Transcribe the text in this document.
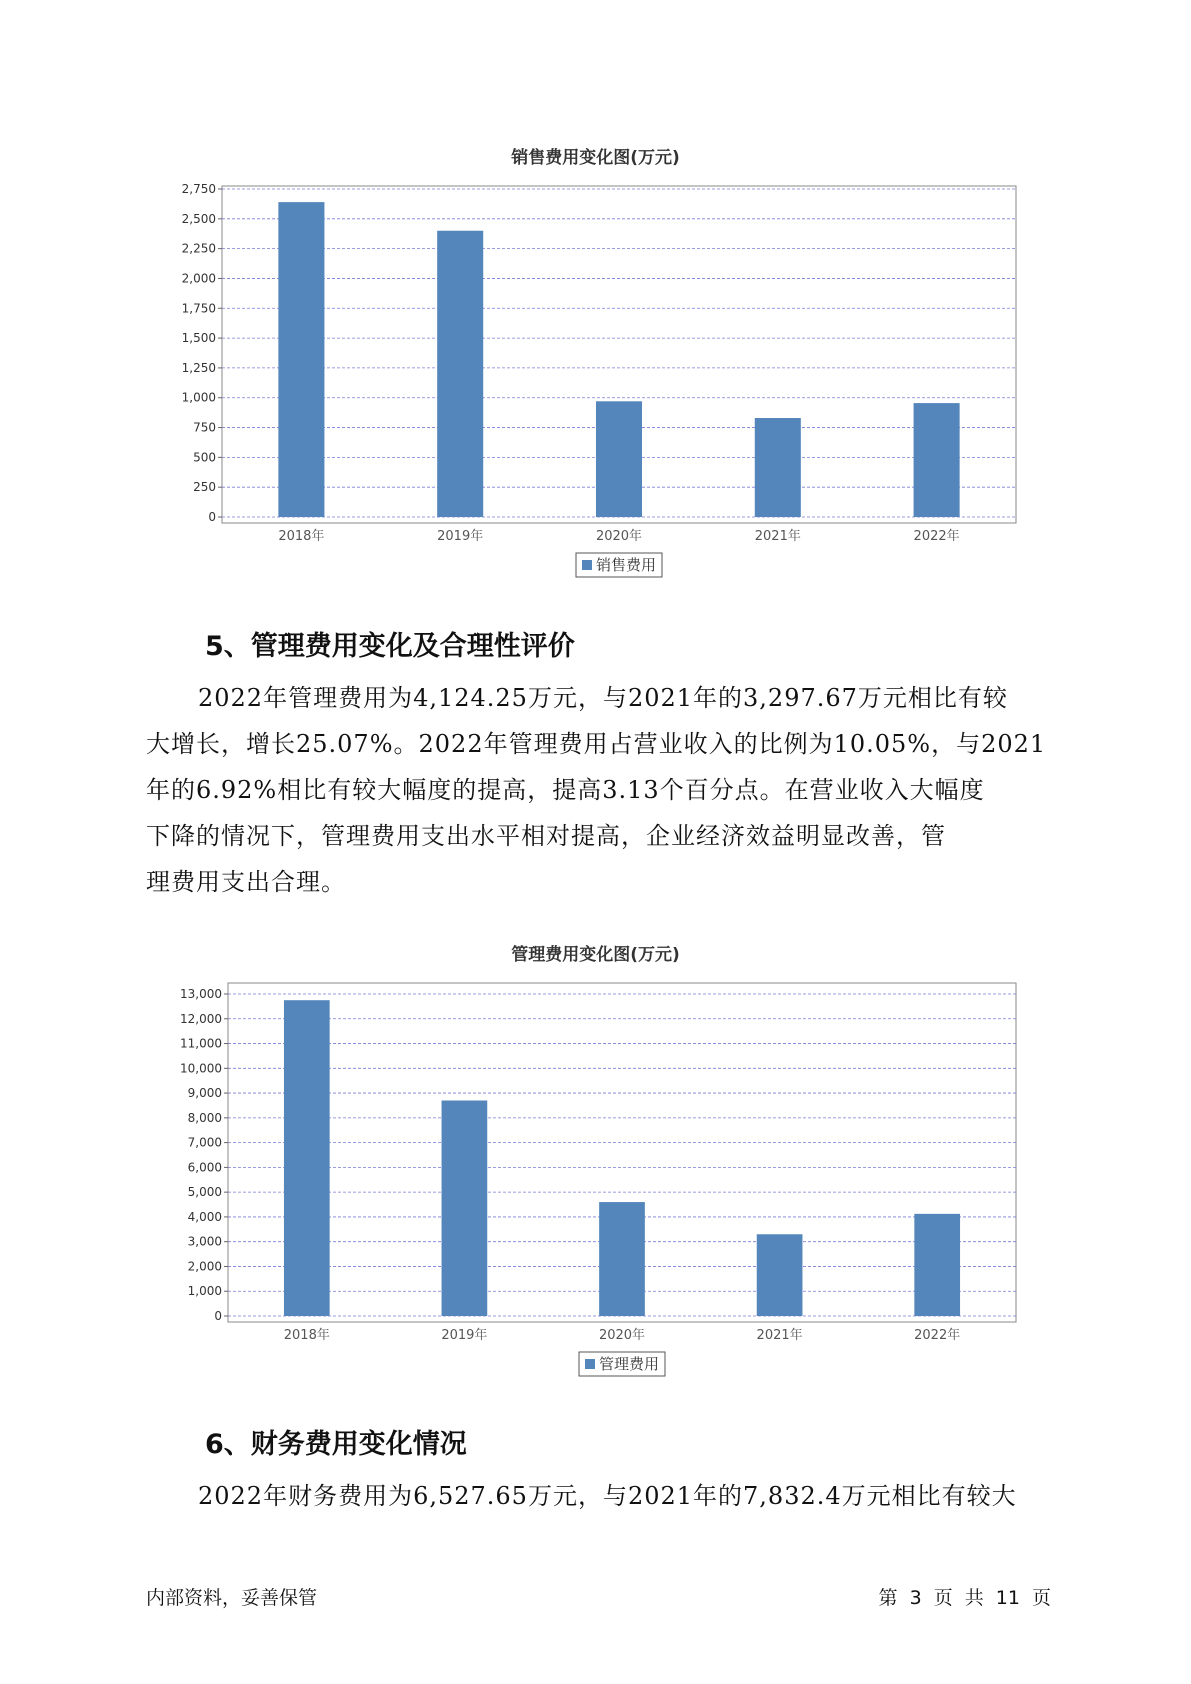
销售费用变化图(万元)
0
250
500
750
1,000
1,250
1,500
1,750
2,000
2,250
2,500
2,750
2018年	2019年	2020年	2021年	2022年
销售费用
5、管理费用变化及合理性评价
2022年管理费用为4,124.25万元，与2021年的3,297.67万元相比有较
大增长，增长25.07%。2022年管理费用占营业收入的比例为10.05%，与2021
年的6.92%相比有较大幅度的提高，提高3.13个百分点。在营业收入大幅度
下降的情况下，管理费用支出水平相对提高，企业经济效益明显改善，管
理费用支出合理。
管理费用变化图(万元)
0
1,000
2,000
3,000
4,000
5,000
6,000
7,000
8,000
9,000
10,000
11,000
12,000
13,000
2018年	2019年	2020年	2021年	2022年
管理费用
6、财务费用变化情况
2022年财务费用为6,527.65万元，与2021年的7,832.4万元相比有较大
内部资料，妥善保管	第 3 页 共 11 页
